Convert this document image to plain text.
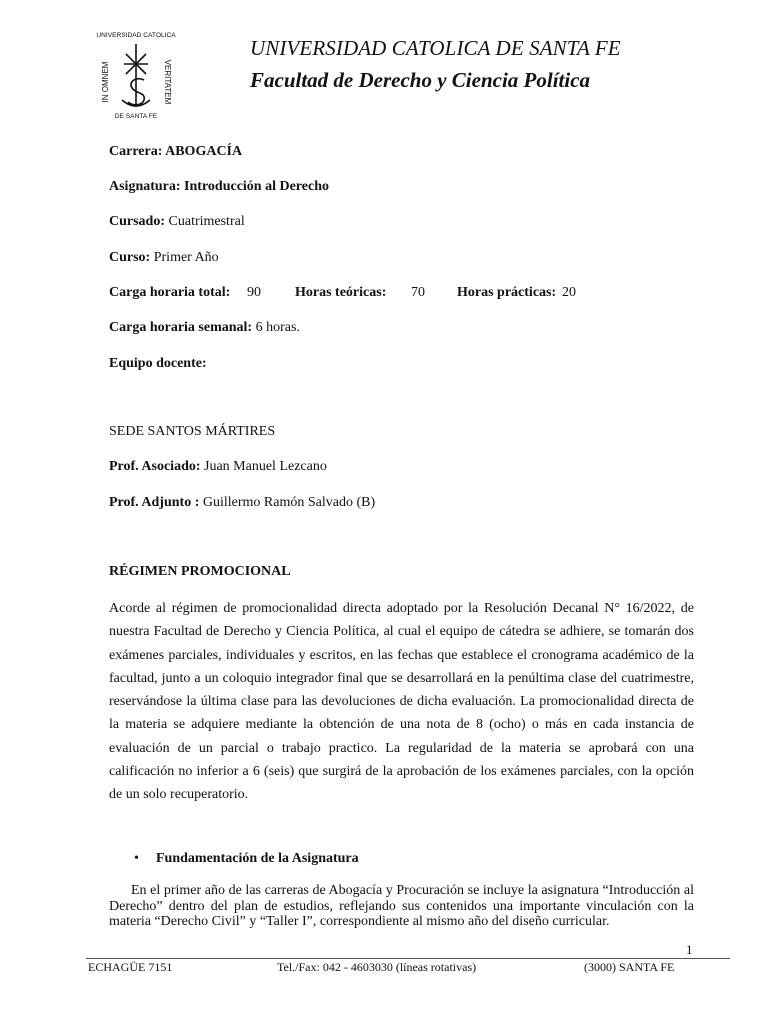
UNIVERSIDAD CATOLICA
IN OMNEM	VERITATEM
DE SANTA FE
UNIVERSIDAD CATOLICA DE SANTA FE
Facultad de Derecho y Ciencia Política
Carrera: ABOGACÍA
Asignatura: Introducción al Derecho
Cursado: Cuatrimestral
Curso: Primer Año
Carga horaria total: 90 Horas teóricas: 70 Horas prácticas: 20
Carga horaria semanal: 6 horas.
Equipo docente:
SEDE SANTOS MÁRTIRES
Prof. Asociado: Juan Manuel Lezcano
Prof. Adjunto : Guillermo Ramón Salvado (B)
RÉGIMEN PROMOCIONAL
Acorde al régimen de promocionalidad directa adoptado por la Resolución Decanal N° 16/2022, de nuestra Facultad de Derecho y Ciencia Política, al cual el equipo de cátedra se adhiere, se tomarán dos exámenes parciales, individuales y escritos, en las fechas que establece el cronograma académico de la facultad, junto a un coloquio integrador final que se desarrollará en la penúltima clase del cuatrimestre, reservándose la última clase para las devoluciones de dicha evaluación. La promocionalidad directa de la materia se adquiere mediante la obtención de una nota de 8 (ocho) o más en cada instancia de evaluación de un parcial o trabajo practico. La regularidad de la materia se aprobará con una calificación no inferior a 6 (seis) que surgirá de la aprobación de los exámenes parciales, con la opción de un solo recuperatorio.
• Fundamentación de la Asignatura
En el primer año de las carreras de Abogacía y Procuración se incluye la asignatura “Introducción al Derecho” dentro del plan de estudios, reflejando sus contenidos una importante vinculación con la materia “Derecho Civil” y “Taller I”, correspondiente al mismo año del diseño curricular.
1
ECHAGÜE 7151	Tel./Fax: 042 - 4603030 (líneas rotativas)	(3000) SANTA FE
